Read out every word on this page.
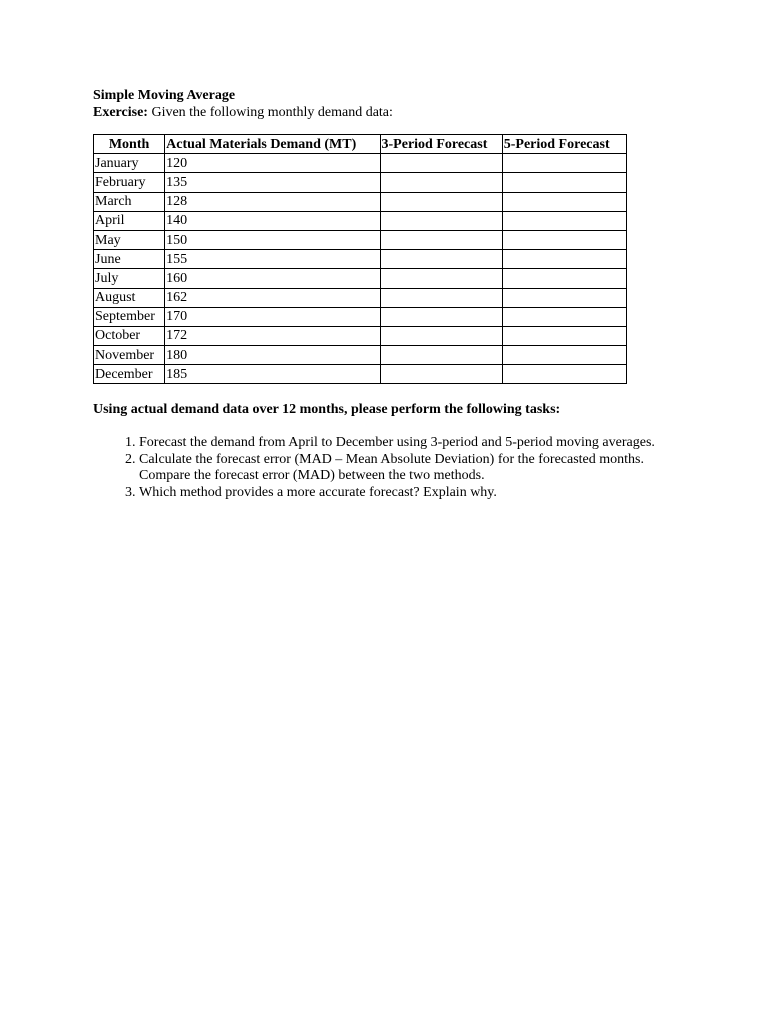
Simple Moving Average
Exercise: Given the following monthly demand data:
Month	Actual Materials Demand (MT)	3-Period Forecast	5-Period Forecast
January	120		
February	135		
March	128		
April	140		
May	150		
June	155		
July	160		
August	162		
September	170		
October	172		
November	180		
December	185		
Using actual demand data over 12 months, please perform the following tasks:
1. Forecast the demand from April to December using 3-period and 5-period moving averages.
2. Calculate the forecast error (MAD – Mean Absolute Deviation) for the forecasted months. Compare the forecast error (MAD) between the two methods.
3. Which method provides a more accurate forecast? Explain why.
